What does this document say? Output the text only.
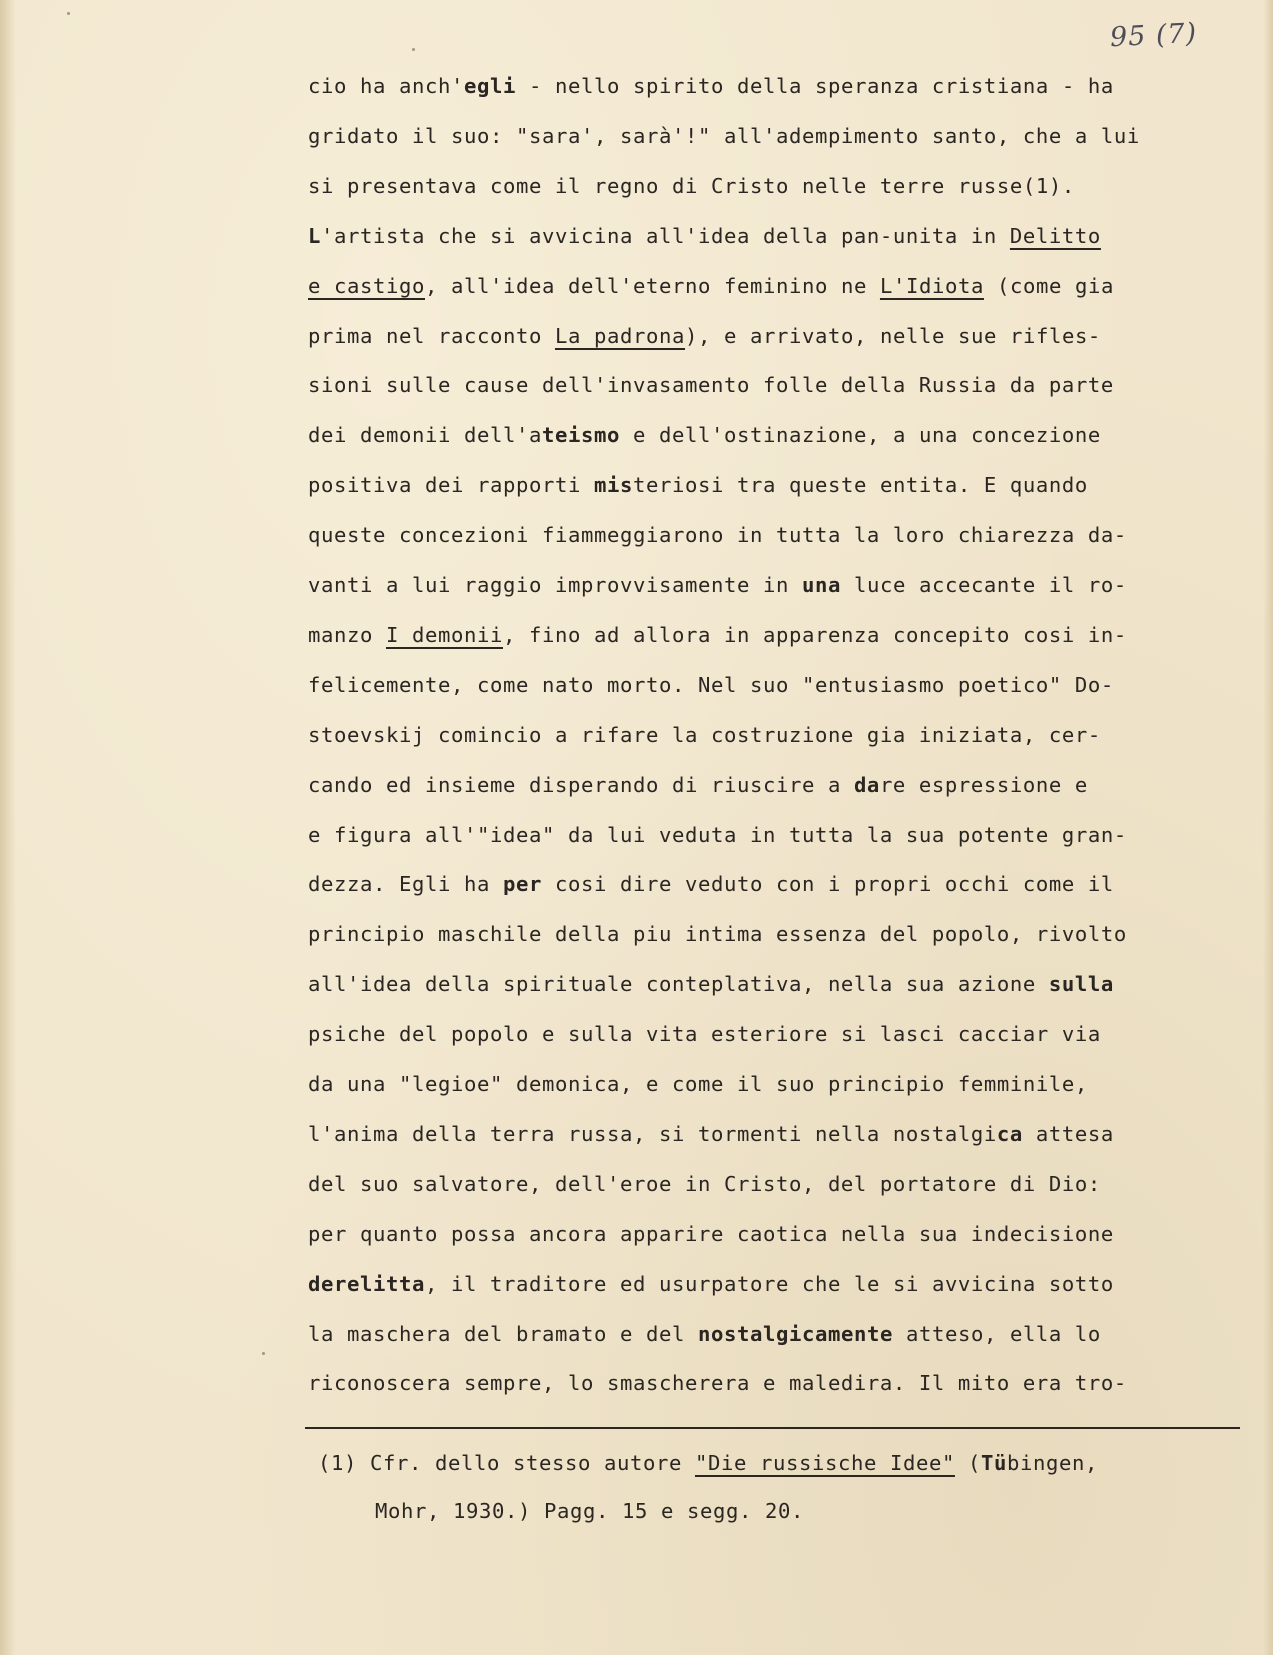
95 (7)
cio ha anch'egli - nello spirito della speranza cristiana - ha
gridato il suo: "sara', sarà'!" all'adempimento santo, che a lui
si presentava come il regno di Cristo nelle terre russe(1).
L'artista che si avvicina all'idea della pan-unita in Delitto
e castigo, all'idea dell'eterno feminino ne L'Idiota (come gia
prima nel racconto La padrona), e arrivato, nelle sue rifles-
sioni sulle cause dell'invasamento folle della Russia da parte
dei demonii dell'ateismo e dell'ostinazione, a una concezione
positiva dei rapporti misteriosi tra queste entita. E quando
queste concezioni fiammeggiarono in tutta la loro chiarezza da-
vanti a lui raggio improvvisamente in una luce accecante il ro-
manzo I demonii, fino ad allora in apparenza concepito cosi in-
felicemente, come nato morto. Nel suo "entusiasmo poetico" Do-
stoevskij comincio a rifare la costruzione gia iniziata, cer-
cando ed insieme disperando di riuscire a dare espressione e
e figura all'"idea" da lui veduta in tutta la sua potente gran-
dezza. Egli ha per cosi dire veduto con i propri occhi come il
principio maschile della piu intima essenza del popolo, rivolto
all'idea della spirituale conteplativa, nella sua azione sulla
psiche del popolo e sulla vita esteriore si lasci cacciar via
da una "legioe" demonica, e come il suo principio femminile,
l'anima della terra russa, si tormenti nella nostalgica attesa
del suo salvatore, dell'eroe in Cristo, del portatore di Dio:
per quanto possa ancora apparire caotica nella sua indecisione
derelitta, il traditore ed usurpatore che le si avvicina sotto
la maschera del bramato e del nostalgicamente atteso, ella lo
riconoscera sempre, lo smaschererа e maledira. Il mito era tro-
(1) Cfr. dello stesso autore "Die russische Idee" (Tübingen,
Mohr, 1930.) Pagg. 15 e segg. 20.
